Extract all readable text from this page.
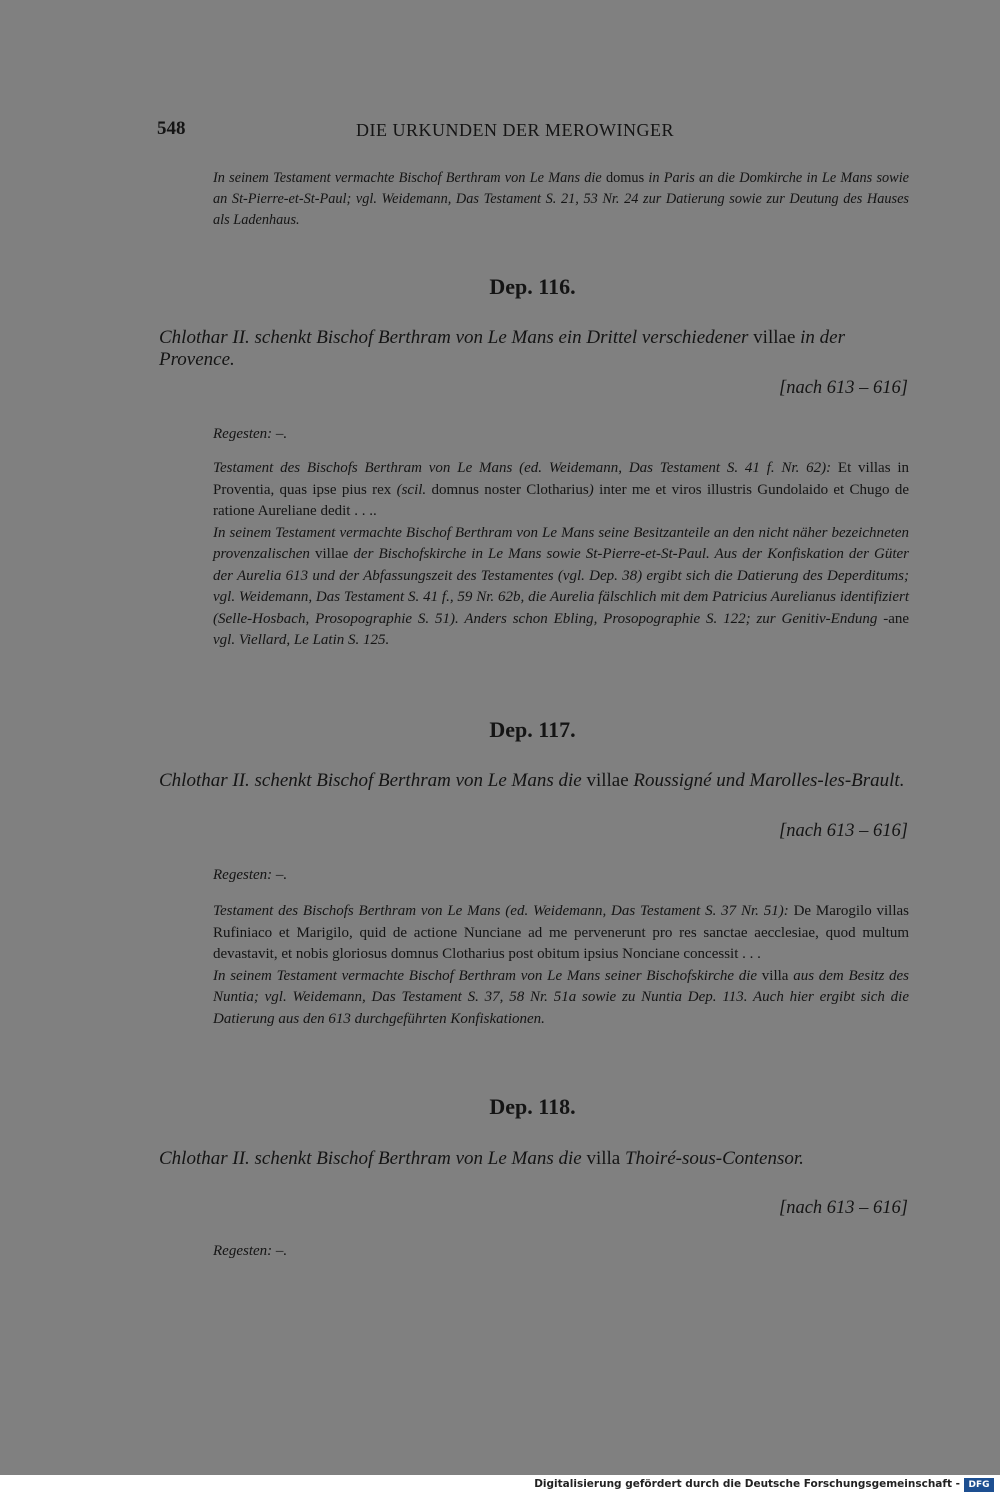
548	DIE URKUNDEN DER MEROWINGER
In seinem Testament vermachte Bischof Berthram von Le Mans die domus in Paris an die Domkirche in Le Mans sowie an St-Pierre-et-St-Paul; vgl. Weidemann, Das Testament S. 21, 53 Nr. 24 zur Datierung sowie zur Deutung des Hauses als Ladenhaus.
Dep. 116.
Chlothar II. schenkt Bischof Berthram von Le Mans ein Drittel verschiedener villae in der Provence.
[nach 613 – 616]
Regesten: –.

Testament des Bischofs Berthram von Le Mans (ed. Weidemann, Das Testament S. 41 f. Nr. 62): Et villas in Proventia, quas ipse pius rex (scil. domnus noster Clotharius) inter me et viros illustris Gundolaido et Chugo de ratione Aureliane dedit . . ..

In seinem Testament vermachte Bischof Berthram von Le Mans seine Besitzanteile an den nicht näher bezeichneten provenzalischen villae der Bischofskirche in Le Mans sowie St-Pierre-et-St-Paul. Aus der Konfiskation der Güter der Aurelia 613 und der Abfassungszeit des Testamentes (vgl. Dep. 38) ergibt sich die Datierung des Deperditums; vgl. Weidemann, Das Testament S. 41 f., 59 Nr. 62b, die Aurelia fälschlich mit dem Patricius Aurelianus identifiziert (Selle-Hosbach, Prosopographie S. 51). Anders schon Ebling, Prosopographie S. 122; zur Genitiv-Endung -ane vgl. Viellard, Le Latin S. 125.

Dep. 117.
Chlothar II. schenkt Bischof Berthram von Le Mans die villae Roussigné und Marolles-les-Brault.
[nach 613 – 616]
Regesten: –.

Testament des Bischofs Berthram von Le Mans (ed. Weidemann, Das Testament S. 37 Nr. 51): De Marogilo villas Rufiniaco et Marigilo, quid de actione Nunciane ad me pervenerunt pro res sanctae aecclesiae, quod multum devastavit, et nobis gloriosus domnus Clotharius post obitum ipsius Nonciane concessit . . .

In seinem Testament vermachte Bischof Berthram von Le Mans seiner Bischofskirche die villa aus dem Besitz des Nuntia; vgl. Weidemann, Das Testament S. 37, 58 Nr. 51a sowie zu Nuntia Dep. 113. Auch hier ergibt sich die Datierung aus den 613 durchgeführten Konfiskationen.

Dep. 118.
Chlothar II. schenkt Bischof Berthram von Le Mans die villa Thoiré-sous-Contensor.
[nach 613 – 616]
Regesten: –.
Digitalisierung gefördert durch die Deutsche Forschungsgemeinschaft - DFG
